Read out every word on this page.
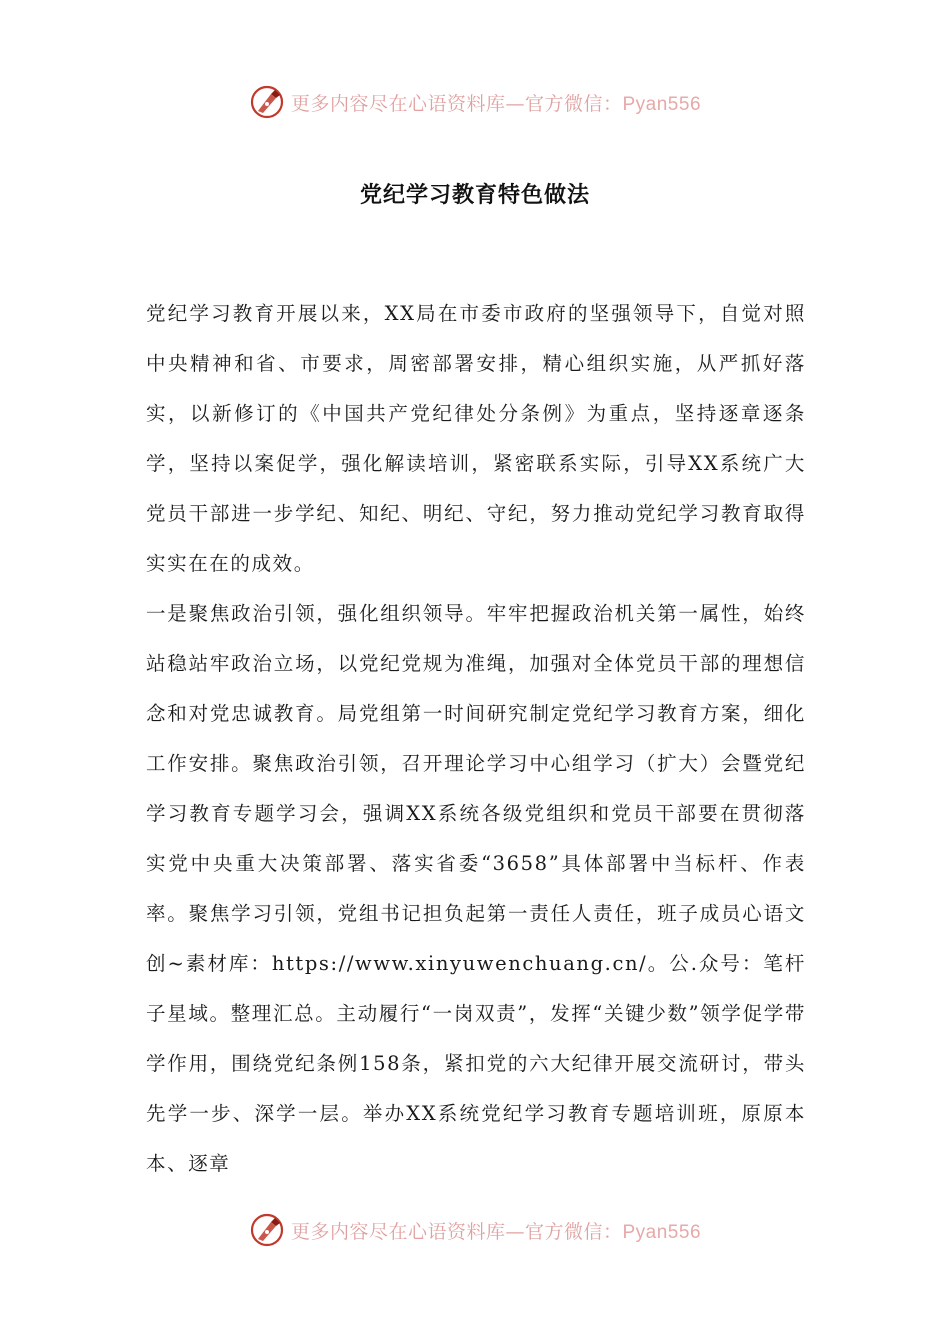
更多内容尽在心语资料库—官方微信：Pyan556
党纪学习教育特色做法

党纪学习教育开展以来，XX局在市委市政府的坚强领导下，自觉对照中央精神和省、市要求，周密部署安排，精心组织实施，从严抓好落实，以新修订的《中国共产党纪律处分条例》为重点，坚持逐章逐条学，坚持以案促学，强化解读培训，紧密联系实际，引导XX系统广大党员干部进一步学纪、知纪、明纪、守纪，努力推动党纪学习教育取得实实在在的成效。

一是聚焦政治引领，强化组织领导。牢牢把握政治机关第一属性，始终站稳站牢政治立场，以党纪党规为准绳，加强对全体党员干部的理想信念和对党忠诚教育。局党组第一时间研究制定党纪学习教育方案，细化工作安排。聚焦政治引领，召开理论学习中心组学习（扩大）会暨党纪学习教育专题学习会，强调XX系统各级党组织和党员干部要在贯彻落实党中央重大决策部署、落实省委“3658”具体部署中当标杆、作表率。聚焦学习引领，党组书记担负起第一责任人责任，班子成员心语文创~素材库：https://www.xinyuwenchuang.cn/。公.众号：笔杆子星域。整理汇总。主动履行“一岗双责”，发挥“关键少数”领学促学带学作用，围绕党纪条例158条，紧扣党的六大纪律开展交流研讨，带头先学一步、深学一层。举办XX系统党纪学习教育专题培训班，原原本本、逐章

更多内容尽在心语资料库—官方微信：Pyan556
